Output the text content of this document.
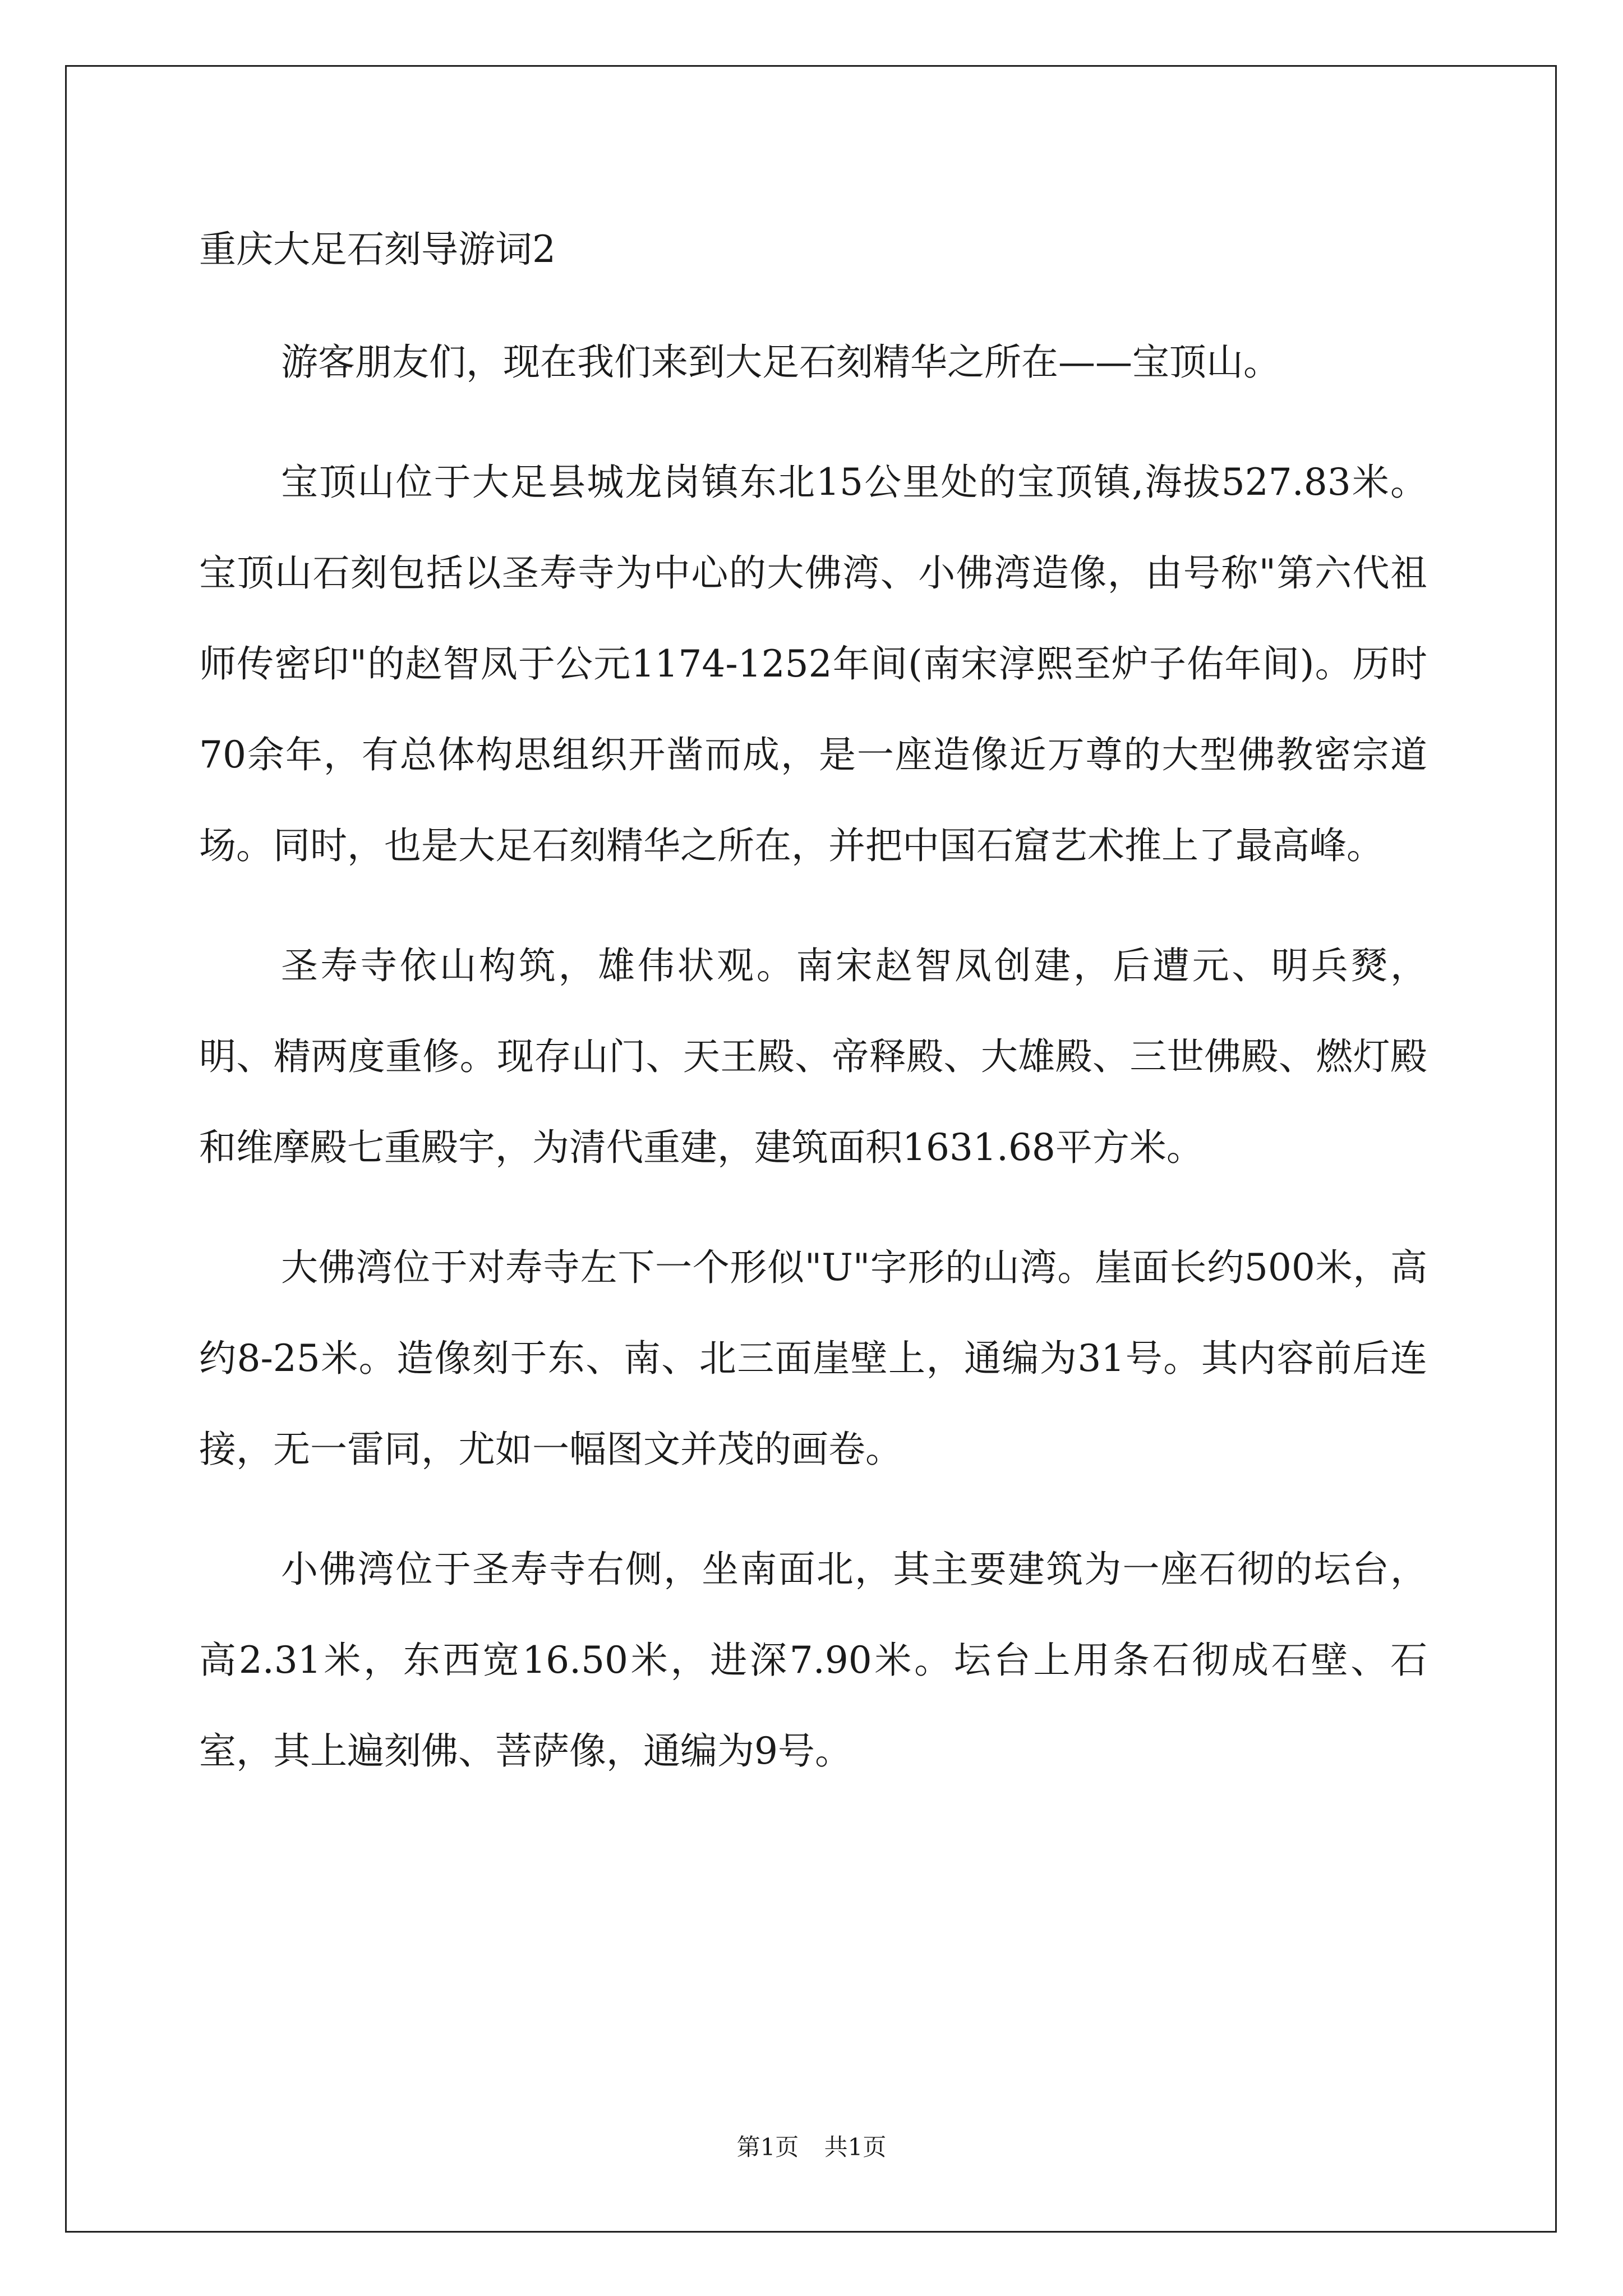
重庆大足石刻导游词2

游客朋友们，现在我们来到大足石刻精华之所在——宝顶山。

宝顶山位于大足县城龙岗镇东北15公里处的宝顶镇,海拔527.83米。宝顶山石刻包括以圣寿寺为中心的大佛湾、小佛湾造像，由号称"第六代祖师传密印"的赵智凤于公元1174-1252年间(南宋淳熙至炉子佑年间)。历时70余年，有总体构思组织开凿而成，是一座造像近万尊的大型佛教密宗道场。同时，也是大足石刻精华之所在，并把中国石窟艺术推上了最高峰。

圣寿寺依山构筑，雄伟状观。南宋赵智凤创建，后遭元、明兵燹，明、精两度重修。现存山门、天王殿、帝释殿、大雄殿、三世佛殿、燃灯殿和维摩殿七重殿宇，为清代重建，建筑面积1631.68平方米。

大佛湾位于对寿寺左下一个形似"U"字形的山湾。崖面长约500米，高约8-25米。造像刻于东、南、北三面崖壁上，通编为31号。其内容前后连接，无一雷同，尤如一幅图文并茂的画卷。

小佛湾位于圣寿寺右侧，坐南面北，其主要建筑为一座石彻的坛台，高2.31米，东西宽16.50米，进深7.90米。坛台上用条石彻成石壁、石室，其上遍刻佛、菩萨像，通编为9号。

第1页 共1页
